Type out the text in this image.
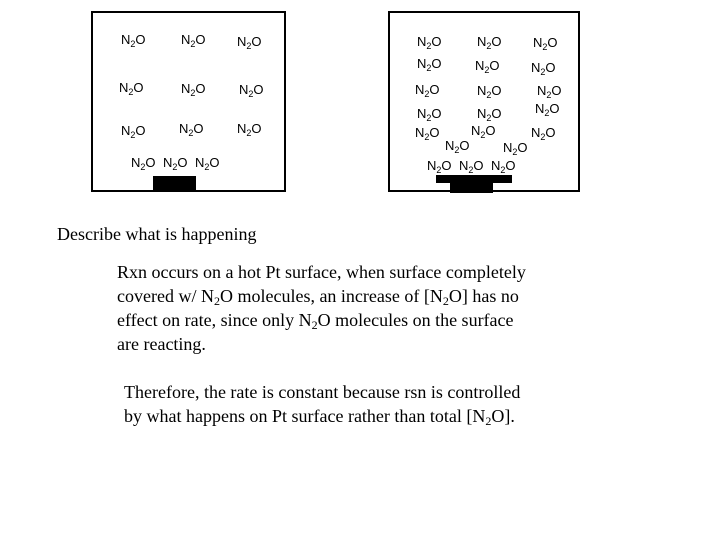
$N_2O$	$N_2O$ $N_2O$
$N_2O$	$N_2O$	$N_2O$
$N_2O$	$N_2O$	$N_2O$
$N_2O$ $N_2O$ $N_2O$
$N_2O$	$N_2O$ $N_2O$
$N_2O$	$N_2O$ $N_2O$
$N_2O$	$N_2O$	$N_2O$
$N_2O$	$N_2O$	$N_2O$
$N_2O$ $N_2O$	$N_2O$
$N_2O$	$N_2O$
$N_2O$ $N_2O$ $N_2O$
Describe what is happening
Rxn occurs on a hot Pt surface, when surface completely
covered w/ $N_2O$ molecules, an increase of $[N_2O]$ has no
effect on rate, since only $N_2O$ molecules on the surface
are reacting.
Therefore, the rate is constant because rsn is controlled
by what happens on Pt surface rather than total $[N_2O]$.
